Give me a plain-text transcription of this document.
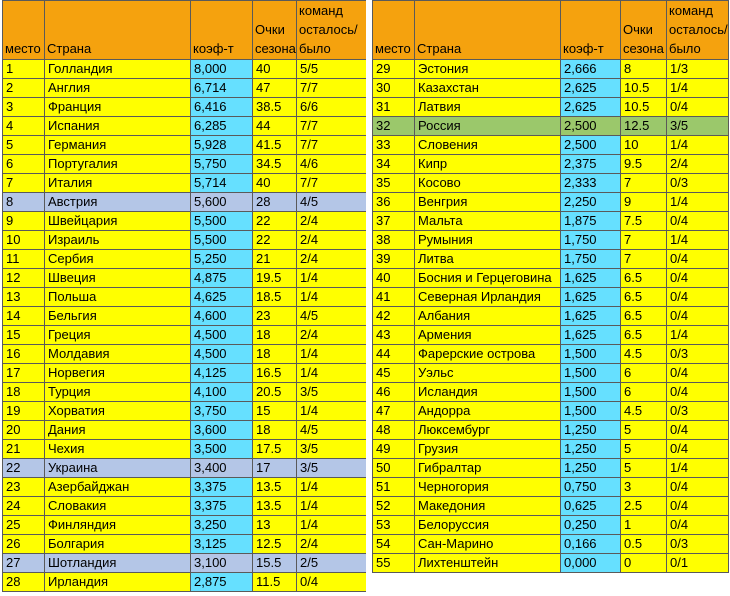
место	Страна	коэф-т	Очки сезона	команд осталось/было
1	Голландия	8,000	40	5/5
2	Англия	6,714	47	7/7
3	Франция	6,416	38.5	6/6
4	Испания	6,285	44	7/7
5	Германия	5,928	41.5	7/7
6	Португалия	5,750	34.5	4/6
7	Италия	5,714	40	7/7
8	Австрия	5,600	28	4/5
9	Швейцария	5,500	22	2/4
10	Израиль	5,500	22	2/4
11	Сербия	5,250	21	2/4
12	Швеция	4,875	19.5	1/4
13	Польша	4,625	18.5	1/4
14	Бельгия	4,600	23	4/5
15	Греция	4,500	18	2/4
16	Молдавия	4,500	18	1/4
17	Норвегия	4,125	16.5	1/4
18	Турция	4,100	20.5	3/5
19	Хорватия	3,750	15	1/4
20	Дания	3,600	18	4/5
21	Чехия	3,500	17.5	3/5
22	Украина	3,400	17	3/5
23	Азербайджан	3,375	13.5	1/4
24	Словакия	3,375	13.5	1/4
25	Финляндия	3,250	13	1/4
26	Болгария	3,125	12.5	2/4
27	Шотландия	3,100	15.5	2/5
28	Ирландия	2,875	11.5	0/4
место	Страна	коэф-т	Очки сезона	команд осталось/было
29	Эстония	2,666	8	1/3
30	Казахстан	2,625	10.5	1/4
31	Латвия	2,625	10.5	0/4
32	Россия	2,500	12.5	3/5
33	Словения	2,500	10	1/4
34	Кипр	2,375	9.5	2/4
35	Косово	2,333	7	0/3
36	Венгрия	2,250	9	1/4
37	Мальта	1,875	7.5	0/4
38	Румыния	1,750	7	1/4
39	Литва	1,750	7	0/4
40	Босния и Герцеговина	1,625	6.5	0/4
41	Северная Ирландия	1,625	6.5	0/4
42	Албания	1,625	6.5	0/4
43	Армения	1,625	6.5	1/4
44	Фарерские острова	1,500	4.5	0/3
45	Уэльс	1,500	6	0/4
46	Исландия	1,500	6	0/4
47	Андорра	1,500	4.5	0/3
48	Люксембург	1,250	5	0/4
49	Грузия	1,250	5	0/4
50	Гибралтар	1,250	5	1/4
51	Черногория	0,750	3	0/4
52	Македония	0,625	2.5	0/4
53	Белоруссия	0,250	1	0/4
54	Сан-Марино	0,166	0.5	0/3
55	Лихтенштейн	0,000	0	0/1
